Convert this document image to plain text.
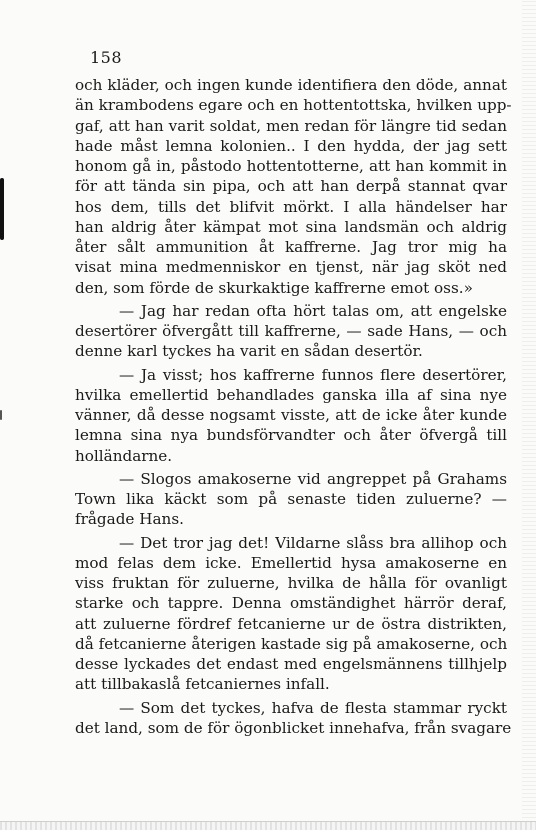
158
och kläder, och ingen kunde identifiera den döde, annat
än krambodens egare och en hottentottska, hvilken upp-
gaf, att han varit soldat, men redan för längre tid sedan
hade måst lemna kolonien.. I den hydda, der jag sett
honom gå in, påstodo hottentotterne, att han kommit in
för att tända sin pipa, och att han derpå stannat qvar
hos dem, tills det blifvit mörkt. I alla händelser har
han aldrig åter kämpat mot sina landsmän och aldrig
åter sålt ammunition åt kaffrerne. Jag tror mig ha
visat mina medmenniskor en tjenst, när jag sköt ned
den, som förde de skurkaktige kaffrerne emot oss.»
— Jag har redan ofta hört talas om, att engelske
desertörer öfvergått till kaffrerne, — sade Hans, — och
denne karl tyckes ha varit en sådan desertör.
— Ja visst; hos kaffrerne funnos flere desertörer,
hvilka emellertid behandlades ganska illa af sina nye
vänner, då desse nogsamt visste, att de icke åter kunde
lemna sina nya bundsförvandter och åter öfvergå till
holländarne.
— Slogos amakoserne vid angreppet på Grahams
Town lika käckt som på senaste tiden zuluerne? —
frågade Hans.
— Det tror jag det! Vildarne slåss bra allihop och
mod felas dem icke. Emellertid hysa amakoserne en
viss fruktan för zuluerne, hvilka de hålla för ovanligt
starke och tappre. Denna omständighet härrör deraf,
att zuluerne fördref fetcanierne ur de östra distrikten,
då fetcanierne återigen kastade sig på amakoserne, och
desse lyckades det endast med engelsmännens tillhjelp
att tillbakaslå fetcaniernes infall.
— Som det tyckes, hafva de flesta stammar ryckt
det land, som de för ögonblicket innehafva, från svagare
